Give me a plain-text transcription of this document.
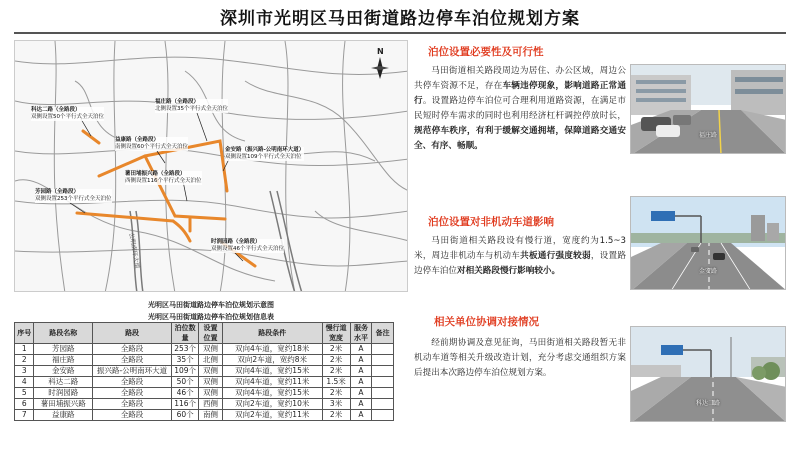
深圳市光明区马田街道路边停车泊位规划方案
科达二路（全路段）
双侧设置50个平行式全天泊位
福庄路（全路段）
北侧设置35个平行式全天泊位
益康路（全路段）
南侧设置60个平行式全天泊位	金安路（振兴路-公明南环大道）
双侧设置109个平行式全天泊位
薯田埔振兴路（全路段）
西侧设置116个平行式全天泊位
芳园路（全路段）
双侧设置253个平行式全天泊位
时润园路（全路段）
双侧设置46个平行式全天泊位
公明南环大道
N
光明区马田街道路边停车泊位规划示意图
光明区马田街道路边停车泊位规划信息表
序号	路段名称	路段	泊位数量	设置位置	路段条件	慢行道宽度	服务水平	备注
1	芳园路	全路段	253个	双侧	双向4车道，宽约18米	2米	A	
2	福庄路	全路段	35个	北侧	双向2车道，宽约8米	2米	A	
3	金安路	振兴路-公明南环大道	109个	双侧	双向4车道，宽约15米	2米	A	
4	科达二路	全路段	50个	双侧	双向4车道，宽约11米	1.5米	A	
5	时润园路	全路段	46个	双侧	双向4车道，宽约15米	2米	A	
6	薯田埔振兴路	全路段	116个	西侧	双向2车道，宽约10米	3米	A	
7	益康路	全路段	60个	南侧	双向2车道，宽约11米	2米	A	
泊位设置必要性及可行性
马田街道相关路段周边为居住、办公区域，周边公共停车资源不足，存在车辆违停现象，影响道路正常通行。设置路边停车泊位可合理利用道路资源，在满足市民短时停车需求的同时也利用经济杠杆调控停放时长，规范停车秩序，有利于缓解交通拥堵，保障道路交通安全、有序、畅顺。
福庄路
泊位设置对非机动车道影响
马田街道相关路段设有慢行道，宽度约为1.5~3米，周边非机动车与机动车共板通行强度较弱，设置路边停车泊位对相关路段慢行影响较小。	金安路
相关单位协调对接情况
经前期协调及意见征询，马田街道相关路段暂无非机动车道等相关升级改造计划，充分考虑交通组织方案后提出本次路边停车泊位规划方案。
科达二路
